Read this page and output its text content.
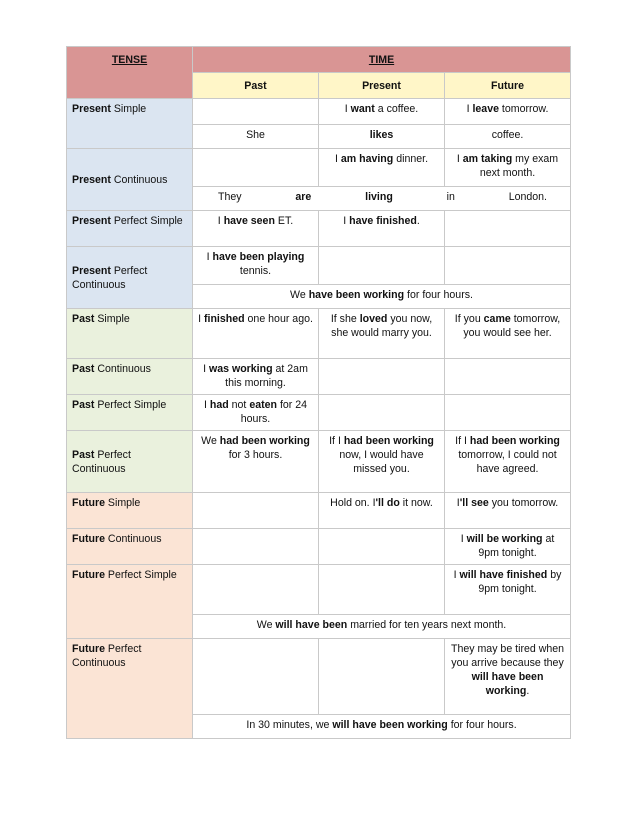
TENSE	TIME		
	Past	Present	Future
Present Simple		I want a coffee.	I leave tomorrow.
	She	likes	coffee.
Present Continuous		I am having dinner.	I am taking my exam next month.

	They are living in London.		

Present Perfect Simple	I have seen ET.	I have finished.	
Present Perfect Continuous	I have been playing tennis.		
	We have been working for four hours.		
Past Simple	I finished one hour ago.	If she loved you now, she would marry you.	If you came tomorrow, you would see her.
Past Continuous	I was working at 2am this morning.		
Past Perfect Simple	I had not eaten for 24 hours.		
Past Perfect Continuous	We had been working for 3 hours.	If I had been working now, I would have missed you.	If I had been working tomorrow, I could not have agreed.
Future Simple		Hold on. I'll do it now.	I'll see you tomorrow.
Future Continuous			I will be working at 9pm tonight.
Future Perfect Simple			I will have finished by 9pm tonight.
	We will have been married for ten years next month.		
Future Perfect Continuous			They may be tired when you arrive because they will have been working.
	In 30 minutes, we will have been working for four hours.		
